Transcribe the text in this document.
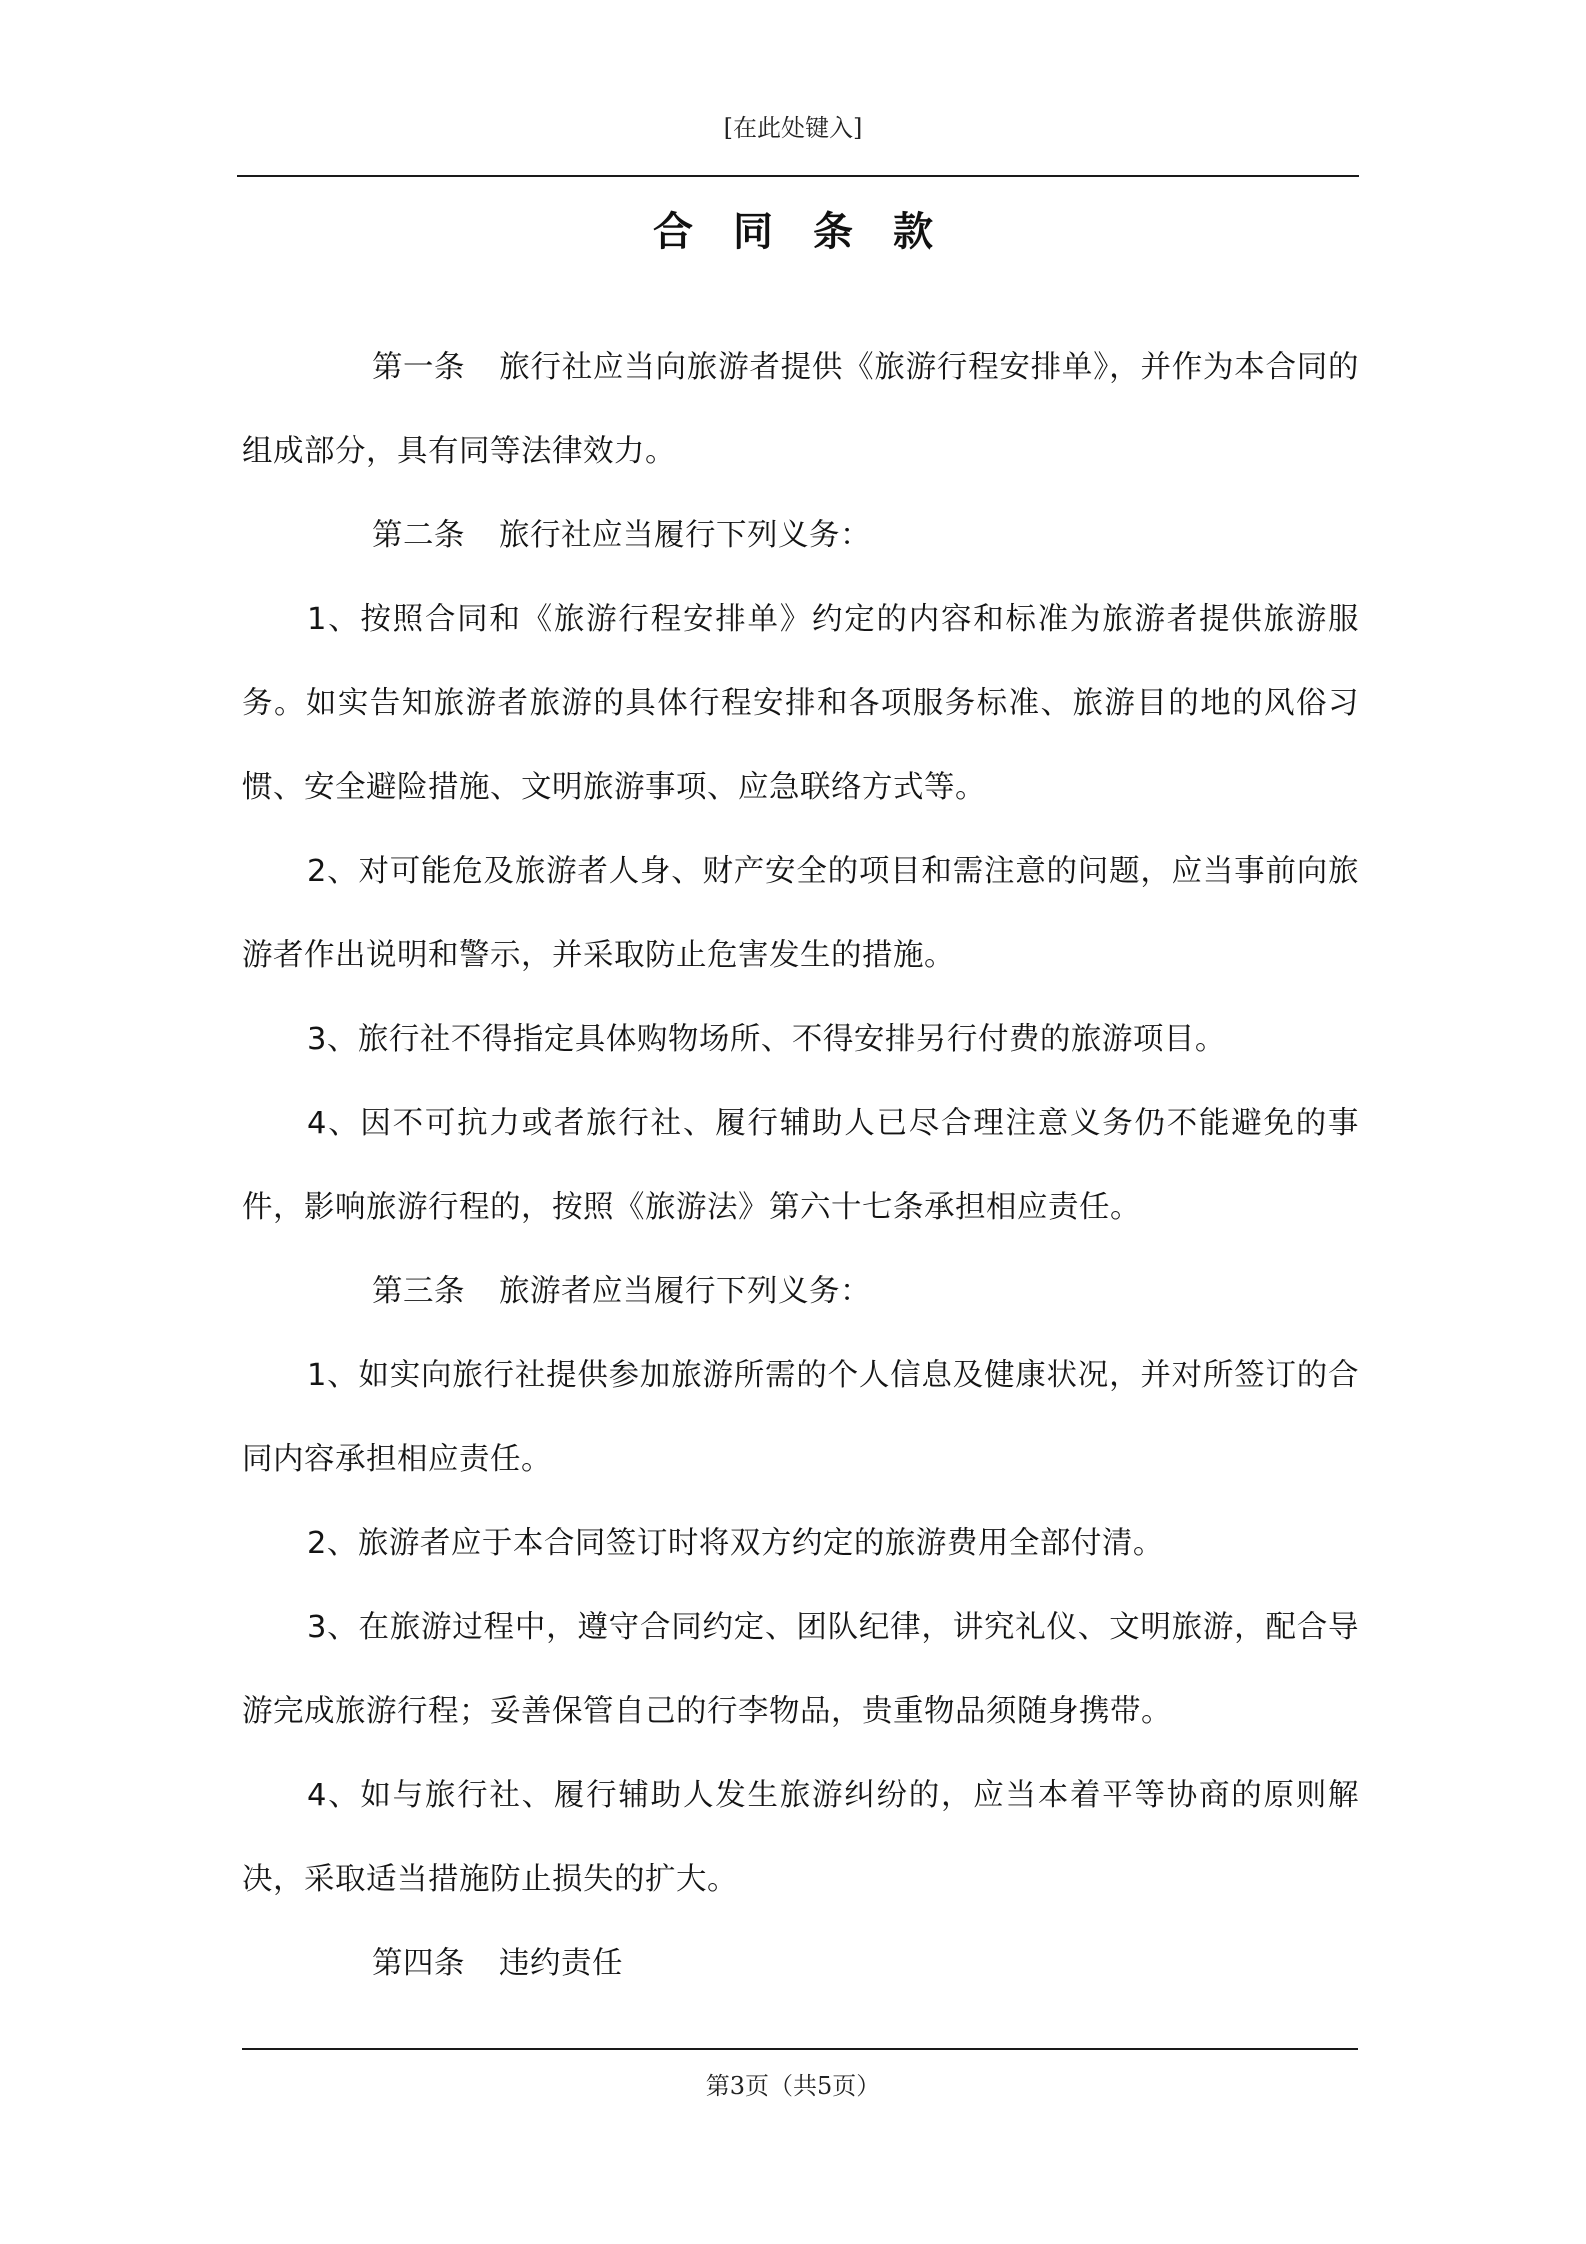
[在此处键入]
合同条款

第一条 旅行社应当向旅游者提供《旅游行程安排单》，并作为本合同的组成部分，具有同等法律效力。

第二条 旅行社应当履行下列义务：

1、按照合同和《旅游行程安排单》约定的内容和标准为旅游者提供旅游服务。如实告知旅游者旅游的具体行程安排和各项服务标准、旅游目的地的风俗习惯、安全避险措施、文明旅游事项、应急联络方式等。

2、对可能危及旅游者人身、财产安全的项目和需注意的问题，应当事前向旅游者作出说明和警示，并采取防止危害发生的措施。

3、旅行社不得指定具体购物场所、不得安排另行付费的旅游项目。

4、因不可抗力或者旅行社、履行辅助人已尽合理注意义务仍不能避免的事件，影响旅游行程的，按照《旅游法》第六十七条承担相应责任。

第三条 旅游者应当履行下列义务：

1、如实向旅行社提供参加旅游所需的个人信息及健康状况，并对所签订的合同内容承担相应责任。

2、旅游者应于本合同签订时将双方约定的旅游费用全部付清。

3、在旅游过程中，遵守合同约定、团队纪律，讲究礼仪、文明旅游，配合导游完成旅游行程；妥善保管自己的行李物品，贵重物品须随身携带。

4、如与旅行社、履行辅助人发生旅游纠纷的，应当本着平等协商的原则解决，采取适当措施防止损失的扩大。

第四条 违约责任

第3页（共5页）
